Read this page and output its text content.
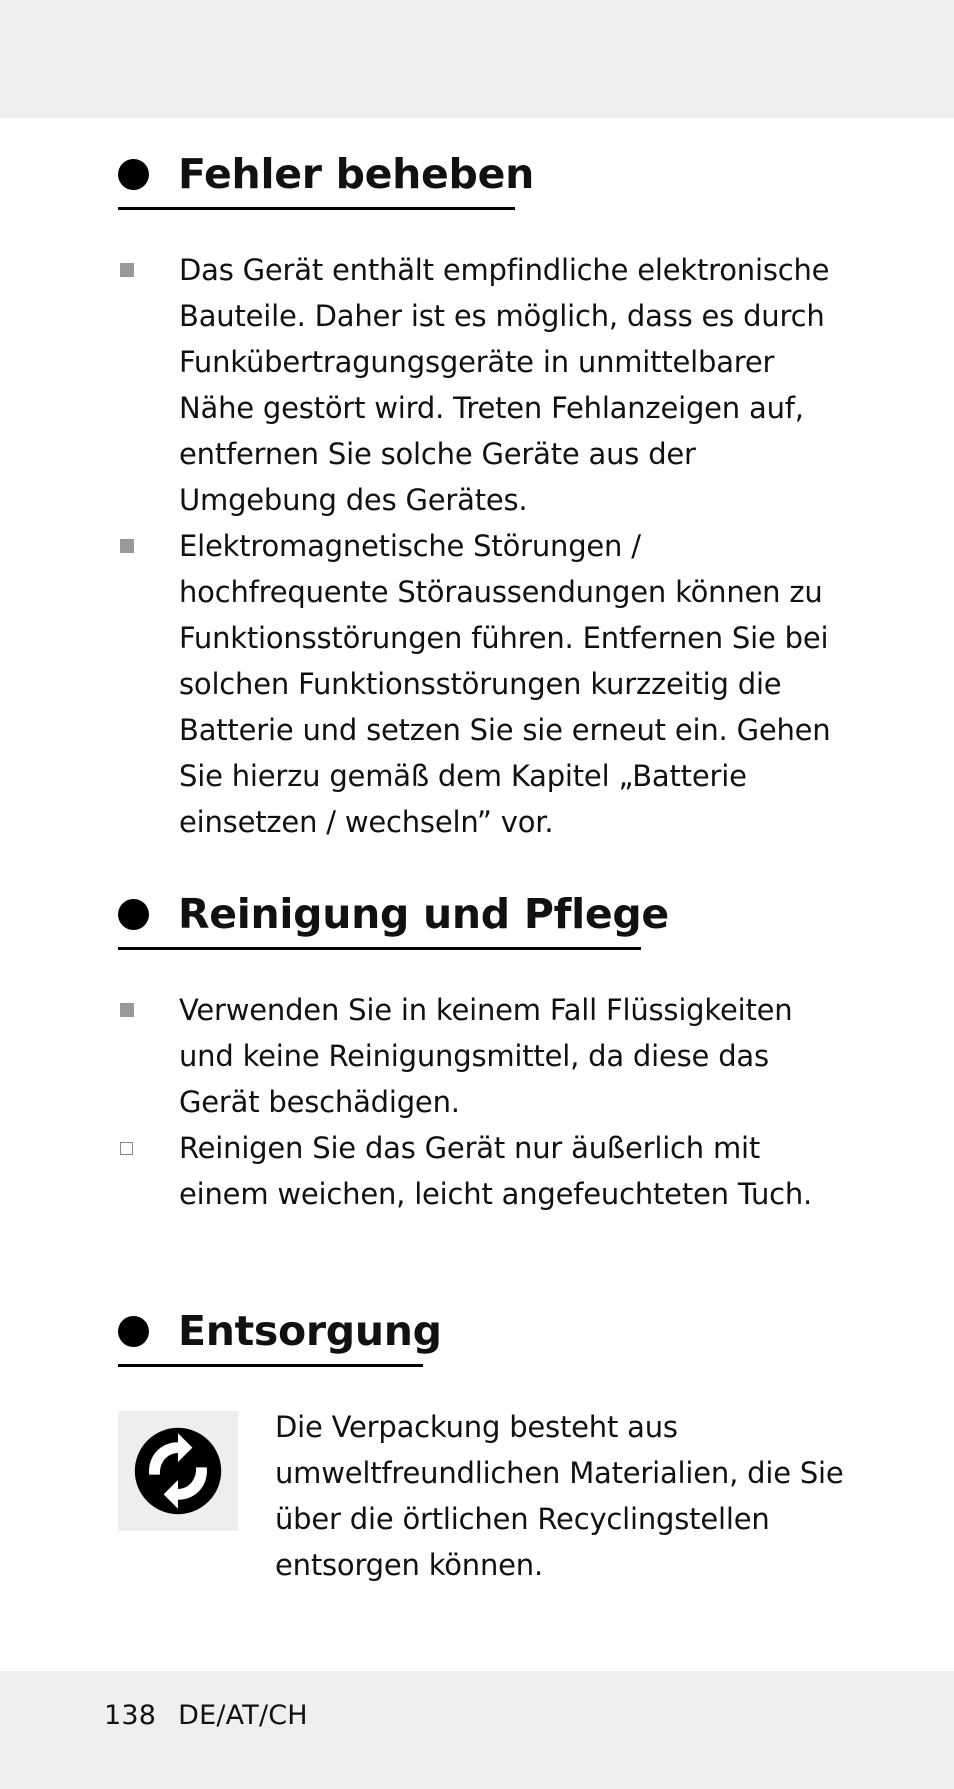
Fehler beheben
Das Gerät enthält empfindliche elektronische Bauteile. Daher ist es möglich, dass es durch Funkübertragungsgeräte in unmittelbarer Nähe gestört wird. Treten Fehlanzeigen auf, entfernen Sie solche Geräte aus der Umgebung des Gerätes.
Elektromagnetische Störungen / hochfrequente Störaussendungen können zu Funktionsstörungen führen. Entfernen Sie bei solchen Funktionsstörungen kurzzeitig die Batterie und setzen Sie sie erneut ein. Gehen Sie hierzu gemäß dem Kapitel „Batterie einsetzen / wechseln” vor.
Reinigung und Pflege
Verwenden Sie in keinem Fall Flüssigkeiten und keine Reinigungsmittel, da diese das Gerät beschädigen.
Reinigen Sie das Gerät nur äußerlich mit einem weichen, leicht angefeuchteten Tuch.
Entsorgung
Die Verpackung besteht aus umweltfreundlichen Materialien, die Sie über die örtlichen Recyclingstellen entsorgen können.
138 DE/AT/CH
